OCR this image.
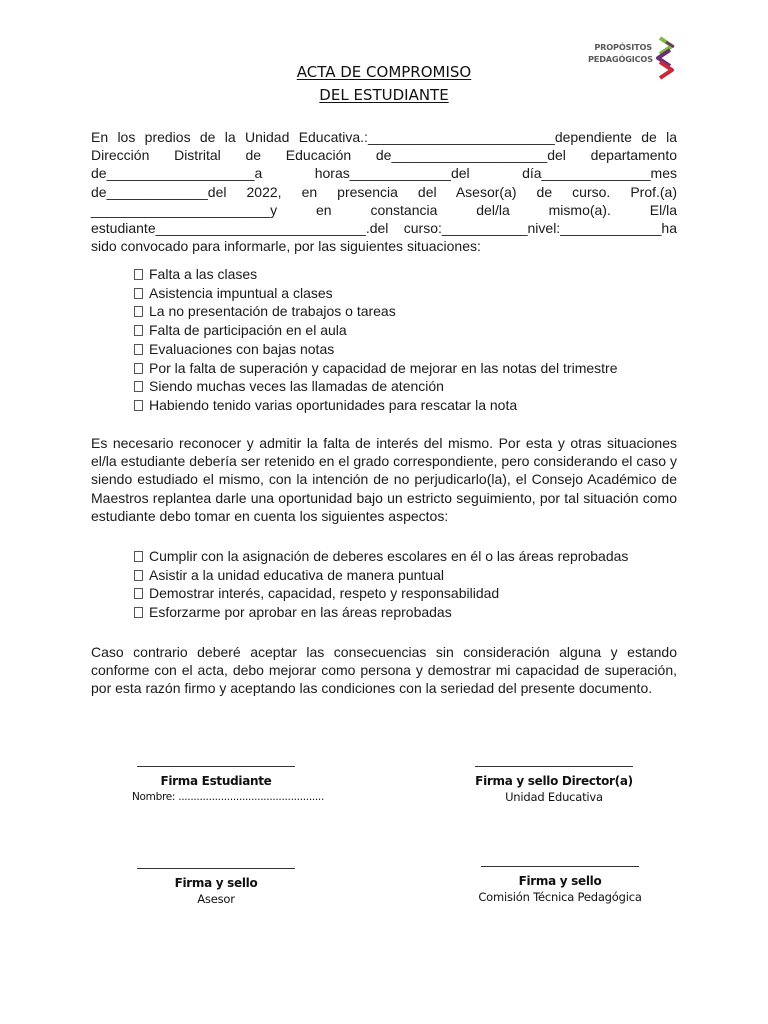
PROPÓSITOS
PEDAGÓGICOS
ACTA DE COMPROMISO
DEL ESTUDIANTE

En los predios de la Unidad Educativa.:________________________dependiente de la Dirección Distrital de Educación de____________________del departamento de___________________a horas_____________del día______________mes de_____________del 2022, en presencia del Asesor(a) de curso. Prof.(a) _______________________y en constancia del/la mismo(a). El/la estudiante___________________________.del curso:___________nivel:_____________ha sido convocado para informarle, por las siguientes situaciones:

Falta a las clases
Asistencia impuntual a clases
La no presentación de trabajos o tareas
Falta de participación en el aula
Evaluaciones con bajas notas
Por la falta de superación y capacidad de mejorar en las notas del trimestre
Siendo muchas veces las llamadas de atención
Habiendo tenido varias oportunidades para rescatar la nota

Es necesario reconocer y admitir la falta de interés del mismo. Por esta y otras situaciones el/la estudiante debería ser retenido en el grado correspondiente, pero considerando el caso y siendo estudiado el mismo, con la intención de no perjudicarlo(la), el Consejo Académico de Maestros replantea darle una oportunidad bajo un estricto seguimiento, por tal situación como estudiante debo tomar en cuenta los siguientes aspectos:

Cumplir con la asignación de deberes escolares en él o las áreas reprobadas
Asistir a la unidad educativa de manera puntual
Demostrar interés, capacidad, respeto y responsabilidad
Esforzarme por aprobar en las áreas reprobadas

Caso contrario deberé aceptar las consecuencias sin consideración alguna y estando conforme con el acta, debo mejorar como persona y demostrar mi capacidad de superación, por esta razón firmo y aceptando las condiciones con la seriedad del presente documento.

Firma Estudiante
Nombre: ................................................
Firma y sello Director(a)
Unidad Educativa
Firma y sello
Asesor
Firma y sello
Comisión Técnica Pedagógica
